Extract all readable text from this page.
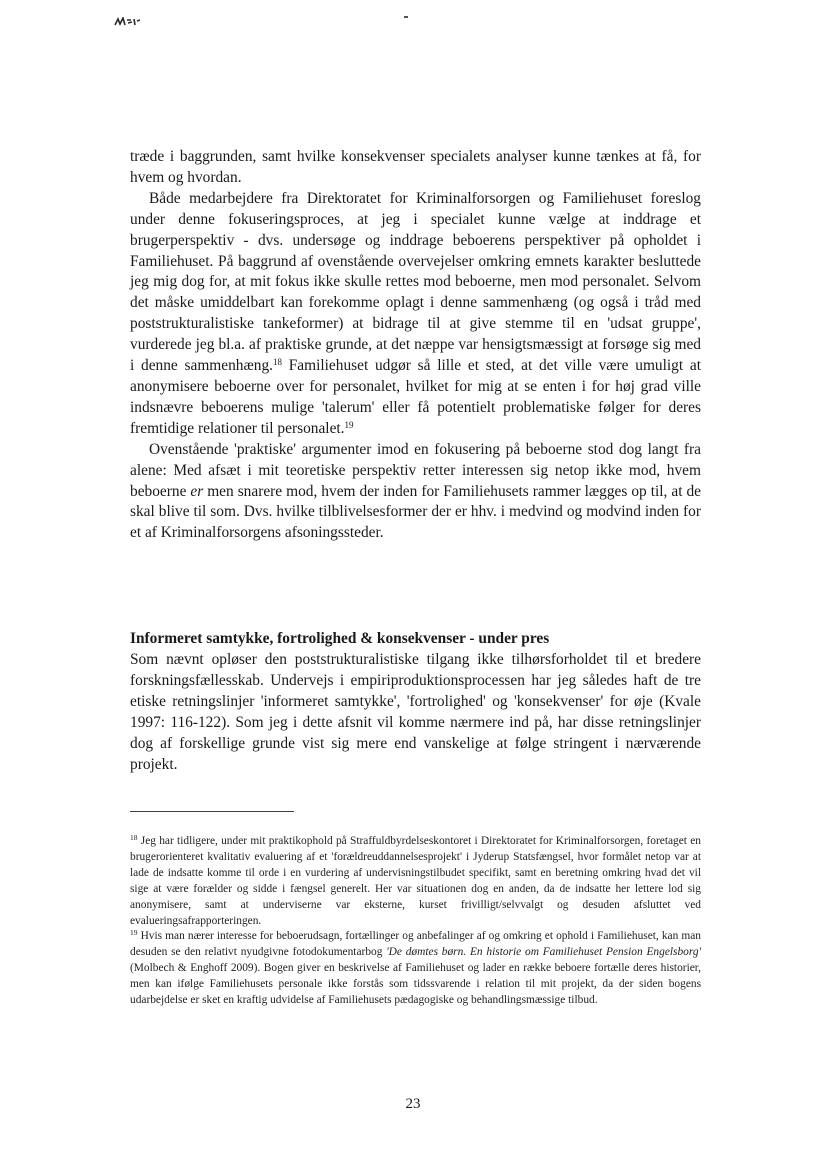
træde i baggrunden, samt hvilke konsekvenser specialets analyser kunne tænkes at få, for hvem og hvordan.

Både medarbejdere fra Direktoratet for Kriminalforsorgen og Familiehuset foreslog under denne fokuseringsproces, at jeg i specialet kunne vælge at inddrage et brugerperspektiv - dvs. undersøge og inddrage beboerens perspektiver på opholdet i Familiehuset. På baggrund af ovenstående overvejelser omkring emnets karakter besluttede jeg mig dog for, at mit fokus ikke skulle rettes mod beboerne, men mod personalet. Selvom det måske umiddelbart kan forekomme oplagt i denne sammenhæng (og også i tråd med poststrukturalistiske tankeformer) at bidrage til at give stemme til en 'udsat gruppe', vurderede jeg bl.a. af praktiske grunde, at det næppe var hensigtsmæssigt at forsøge sig med i denne sammenhæng.$^{18}$ Familiehuset udgør så lille et sted, at det ville være umuligt at anonymisere beboerne over for personalet, hvilket for mig at se enten i for høj grad ville indsnævre beboerens mulige 'talerum' eller få potentielt problematiske følger for deres fremtidige relationer til personalet.$^{19}$

Ovenstående 'praktiske' argumenter imod en fokusering på beboerne stod dog langt fra alene: Med afsæt i mit teoretiske perspektiv retter interessen sig netop ikke mod, hvem beboerne er men snarere mod, hvem der inden for Familiehusets rammer lægges op til, at de skal blive til som. Dvs. hvilke tilblivelsesformer der er hhv. i medvind og modvind inden for et af Kriminalforsorgens afsoningssteder.

Informeret samtykke, fortrolighed & konsekvenser - under pres

Som nævnt opløser den poststrukturalistiske tilgang ikke tilhørsforholdet til et bredere forskningsfællesskab. Undervejs i empiriproduktionsprocessen har jeg således haft de tre etiske retningslinjer 'informeret samtykke', 'fortrolighed' og 'konsekvenser' for øje (Kvale 1997: 116-122). Som jeg i dette afsnit vil komme nærmere ind på, har disse retningslinjer dog af forskellige grunde vist sig mere end vanskelige at følge stringent i nærværende projekt.

$^{18}$ Jeg har tidligere, under mit praktikophold på Straffuldbyrdelseskontoret i Direktoratet for Kriminalforsorgen, foretaget en brugerorienteret kvalitativ evaluering af et 'forældreuddannelsesprojekt' i Jyderup Statsfængsel, hvor formålet netop var at lade de indsatte komme til orde i en vurdering af undervisningstilbudet specifikt, samt en beretning omkring hvad det vil sige at være forælder og sidde i fængsel generelt. Her var situationen dog en anden, da de indsatte her lettere lod sig anonymisere, samt at underviserne var eksterne, kurset frivilligt/selvvalgt og desuden afsluttet ved evalueringsafrapporteringen.

$^{19}$ Hvis man nærer interesse for beboerudsagn, fortællinger og anbefalinger af og omkring et ophold i Familiehuset, kan man desuden se den relativt nyudgivne fotodokumentarbog 'De dømtes børn. En historie om Familiehuset Pension Engelsborg' (Molbech & Enghoff 2009). Bogen giver en beskrivelse af Familiehuset og lader en række beboere fortælle deres historier, men kan ifølge Familiehusets personale ikke forstås som tidssvarende i relation til mit projekt, da der siden bogens udarbejdelse er sket en kraftig udvidelse af Familiehusets pædagogiske og behandlingsmæssige tilbud.

23
